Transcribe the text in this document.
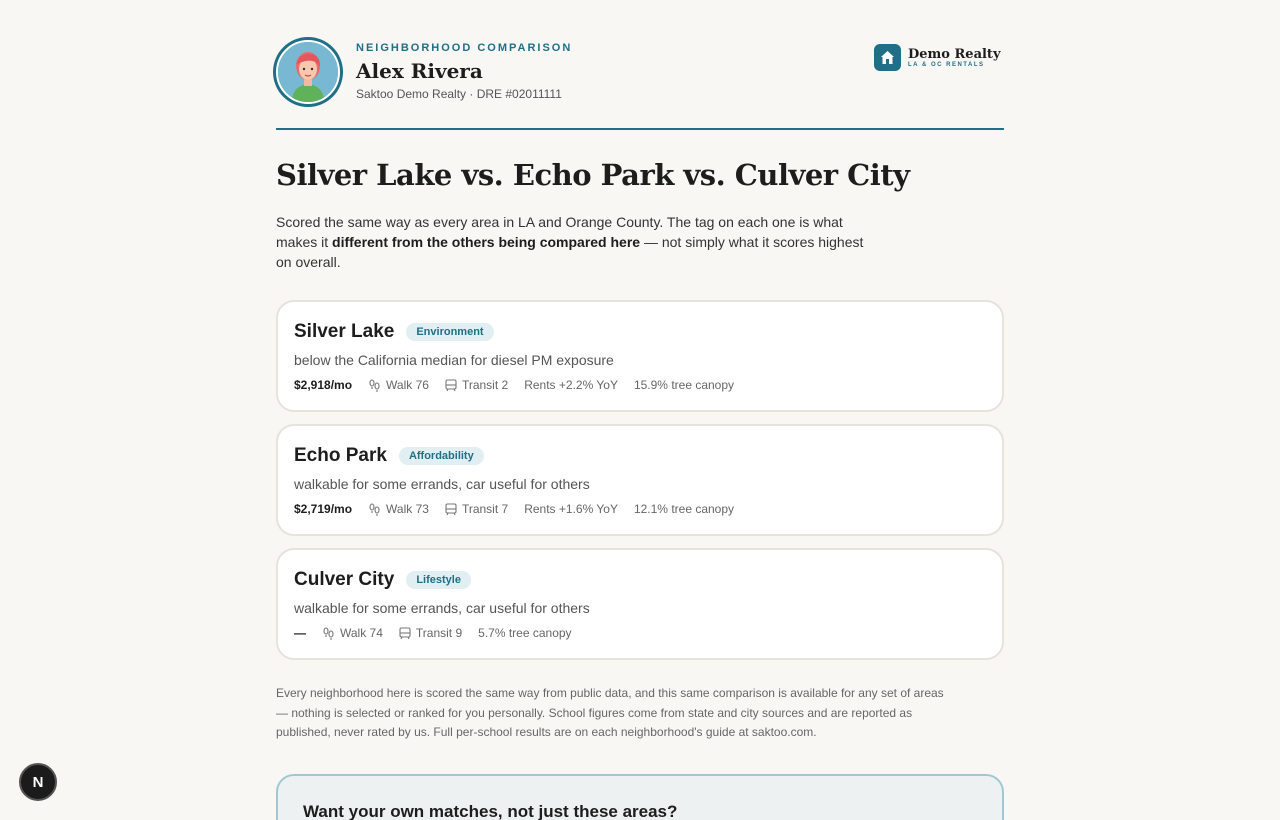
NEIGHBORHOOD COMPARISON
Alex Rivera
Saktoo Demo Realty · DRE #02011111
Demo Realty
LA & OC RENTALS
Silver Lake vs. Echo Park vs. Culver City

Scored the same way as every area in LA and Orange County. The tag on each one is what makes it different from the others being compared here — not simply what it scores highest on overall.

Silver Lake	Environment
below the California median for diesel PM exposure
$2,918/mo	Walk 76	Transit 2 Rents +2.2% YoY 15.9% tree canopy
Echo Park	Affordability
walkable for some errands, car useful for others
$2,719/mo	Walk 73	Transit 7 Rents +1.6% YoY 12.1% tree canopy
Culver City	Lifestyle
walkable for some errands, car useful for others
—	Walk 74	Transit 9 5.7% tree canopy

Every neighborhood here is scored the same way from public data, and this same comparison is available for any set of areas — nothing is selected or ranked for you personally. School figures come from state and city sources and are reported as published, never rated by us. Full per-school results are on each neighborhood's guide at saktoo.com.

Want your own matches, not just these areas?
N
